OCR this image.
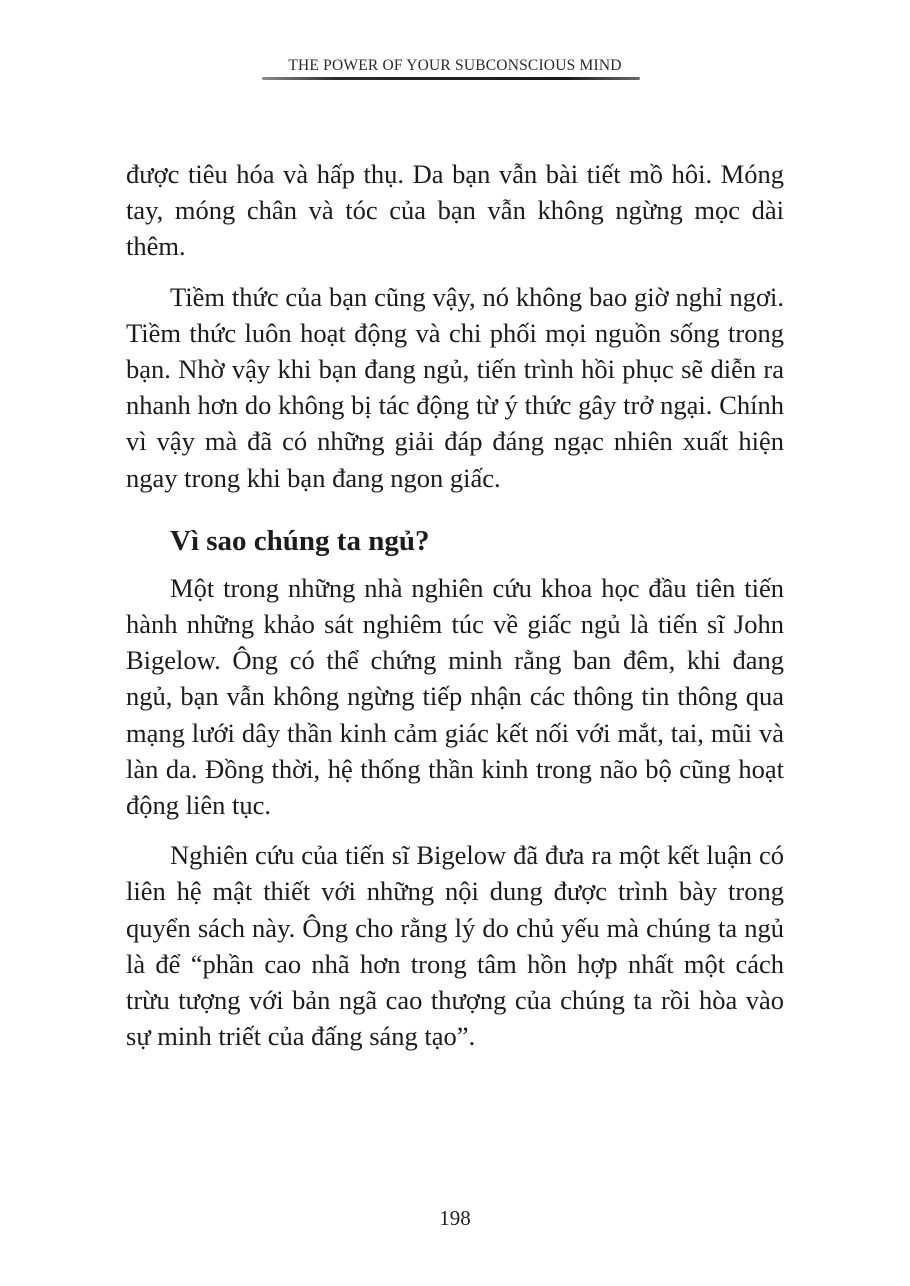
THE POWER OF YOUR SUBCONSCIOUS MIND

được tiêu hóa và hấp thụ. Da bạn vẫn bài tiết mồ hôi. Móng tay, móng chân và tóc của bạn vẫn không ngừng mọc dài thêm.

Tiềm thức của bạn cũng vậy, nó không bao giờ nghỉ ngơi. Tiềm thức luôn hoạt động và chi phối mọi nguồn sống trong bạn. Nhờ vậy khi bạn đang ngủ, tiến trình hồi phục sẽ diễn ra nhanh hơn do không bị tác động từ ý thức gây trở ngại. Chính vì vậy mà đã có những giải đáp đáng ngạc nhiên xuất hiện ngay trong khi bạn đang ngon giấc.

Vì sao chúng ta ngủ?

Một trong những nhà nghiên cứu khoa học đầu tiên tiến hành những khảo sát nghiêm túc về giấc ngủ là tiến sĩ John Bigelow. Ông có thể chứng minh rằng ban đêm, khi đang ngủ, bạn vẫn không ngừng tiếp nhận các thông tin thông qua mạng lưới dây thần kinh cảm giác kết nối với mắt, tai, mũi và làn da. Đồng thời, hệ thống thần kinh trong não bộ cũng hoạt động liên tục.

Nghiên cứu của tiến sĩ Bigelow đã đưa ra một kết luận có liên hệ mật thiết với những nội dung được trình bày trong quyển sách này. Ông cho rằng lý do chủ yếu mà chúng ta ngủ là để “phần cao nhã hơn trong tâm hồn hợp nhất một cách trừu tượng với bản ngã cao thượng của chúng ta rồi hòa vào sự minh triết của đấng sáng tạo”.

198
